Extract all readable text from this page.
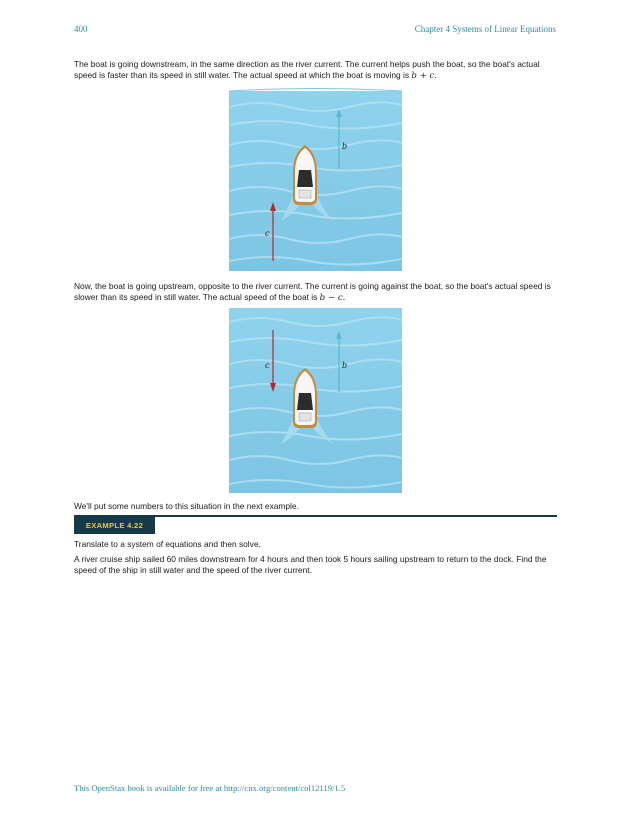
400	Chapter 4 Systems of Linear Equations
The boat is going downstream, in the same direction as the river current. The current helps push the boat, so the boat's actual speed is faster than its speed in still water. The actual speed at which the boat is moving is b + c.
b
c
Now, the boat is going upstream, opposite to the river current. The current is going against the boat, so the boat's actual speed is slower than its speed in still water. The actual speed of the boat is b − c.
c	b
We'll put some numbers to this situation in the next example.
EXAMPLE 4.22
Translate to a system of equations and then solve.
A river cruise ship sailed 60 miles downstream for 4 hours and then took 5 hours sailing upstream to return to the dock. Find the speed of the ship in still water and the speed of the river current.
This OpenStax book is available for free at http://cnx.org/content/col12119/1.5
